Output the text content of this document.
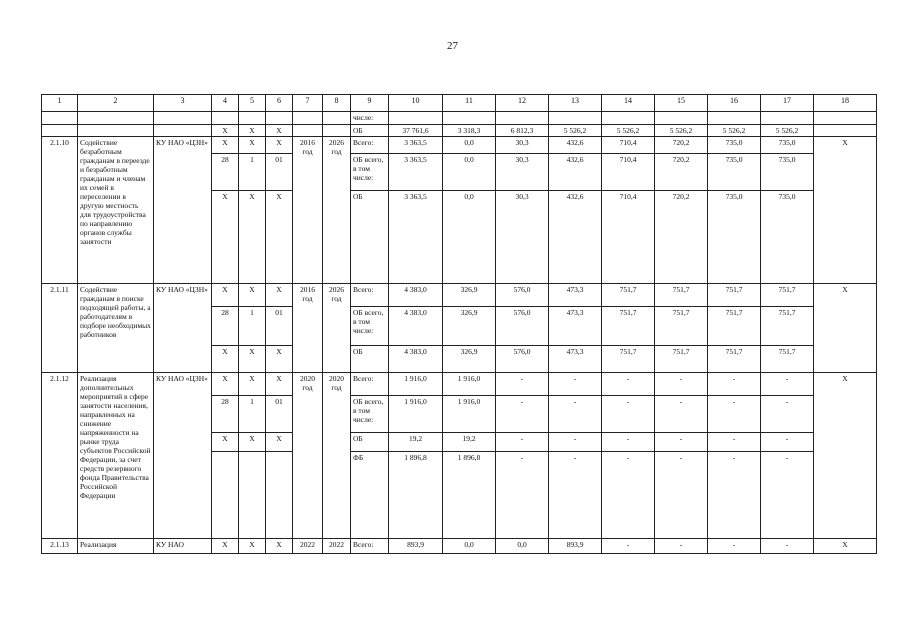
27
1	2	3	4	5	6	7	8	9	10	11	12	13	14	15	16	17	18
								числе:									
			X	X	X			ОБ	37 761,6	3 318,3	6 812,3	5 526,2	5 526,2	5 526,2	5 526,2	5 526,2	
2.1.10	Содействие безработным гражданам в переезде и безработным гражданам и членам их семей в переселении в другую местность для трудоустройства по направлению органов службы занятости	КУ НАО «ЦЗН»	X	X	X	2016 год	2026 год	Всего:	3 363,5	0,0	30,3	432,6	710,4	720,2	735,0	735,0	X
			28	1	01			ОБ всего, в том числе:	3 363,5	0,0	30,3	432,6	710,4	720,2	735,0	735,0	
			X	X	X			ОБ	3 363,5	0,0	30,3	432,6	710,4	720,2	735,0	735,0	
2.1.11	Содействие гражданам в поиске подходящей работы, а работодателям в подборе необходимых работников	КУ НАО «ЦЗН»	X	X	X	2016 год	2026 год	Всего:	4 383,0	326,9	576,0	473,3	751,7	751,7	751,7	751,7	X
			28	1	01			ОБ всего, в том числе:	4 383,0	326,9	576,0	473,3	751,7	751,7	751,7	751,7	
			X	X	X			ОБ	4 383,0	326,9	576,0	473,3	751,7	751,7	751,7	751,7	
2.1.12	Реализация дополнительных мероприятий в сфере занятости населения, направленных на снижение напряженности на рынке труда субъектов Российской Федерации, за счет средств резервного фонда Правительства Российской Федерации	КУ НАО «ЦЗН»	X	X	X	2020 год	2020 год	Всего:	1 916,0	1 916,0	-	-	-	-	-	-	X
			28	1	01			ОБ всего, в том числе:	1 916,0	1 916,0	-	-	-	-	-	-	
			X	X	X			ОБ	19,2	19,2	-	-	-	-	-	-	
								ФБ	1 896,8	1 896,8	-	-	-	-	-	-	
2.1.13	Реализация	КУ НАО	X	X	X	2022	2022	Всего:	893,9	0,0	0,0	893,9	-	-	-	-	X
